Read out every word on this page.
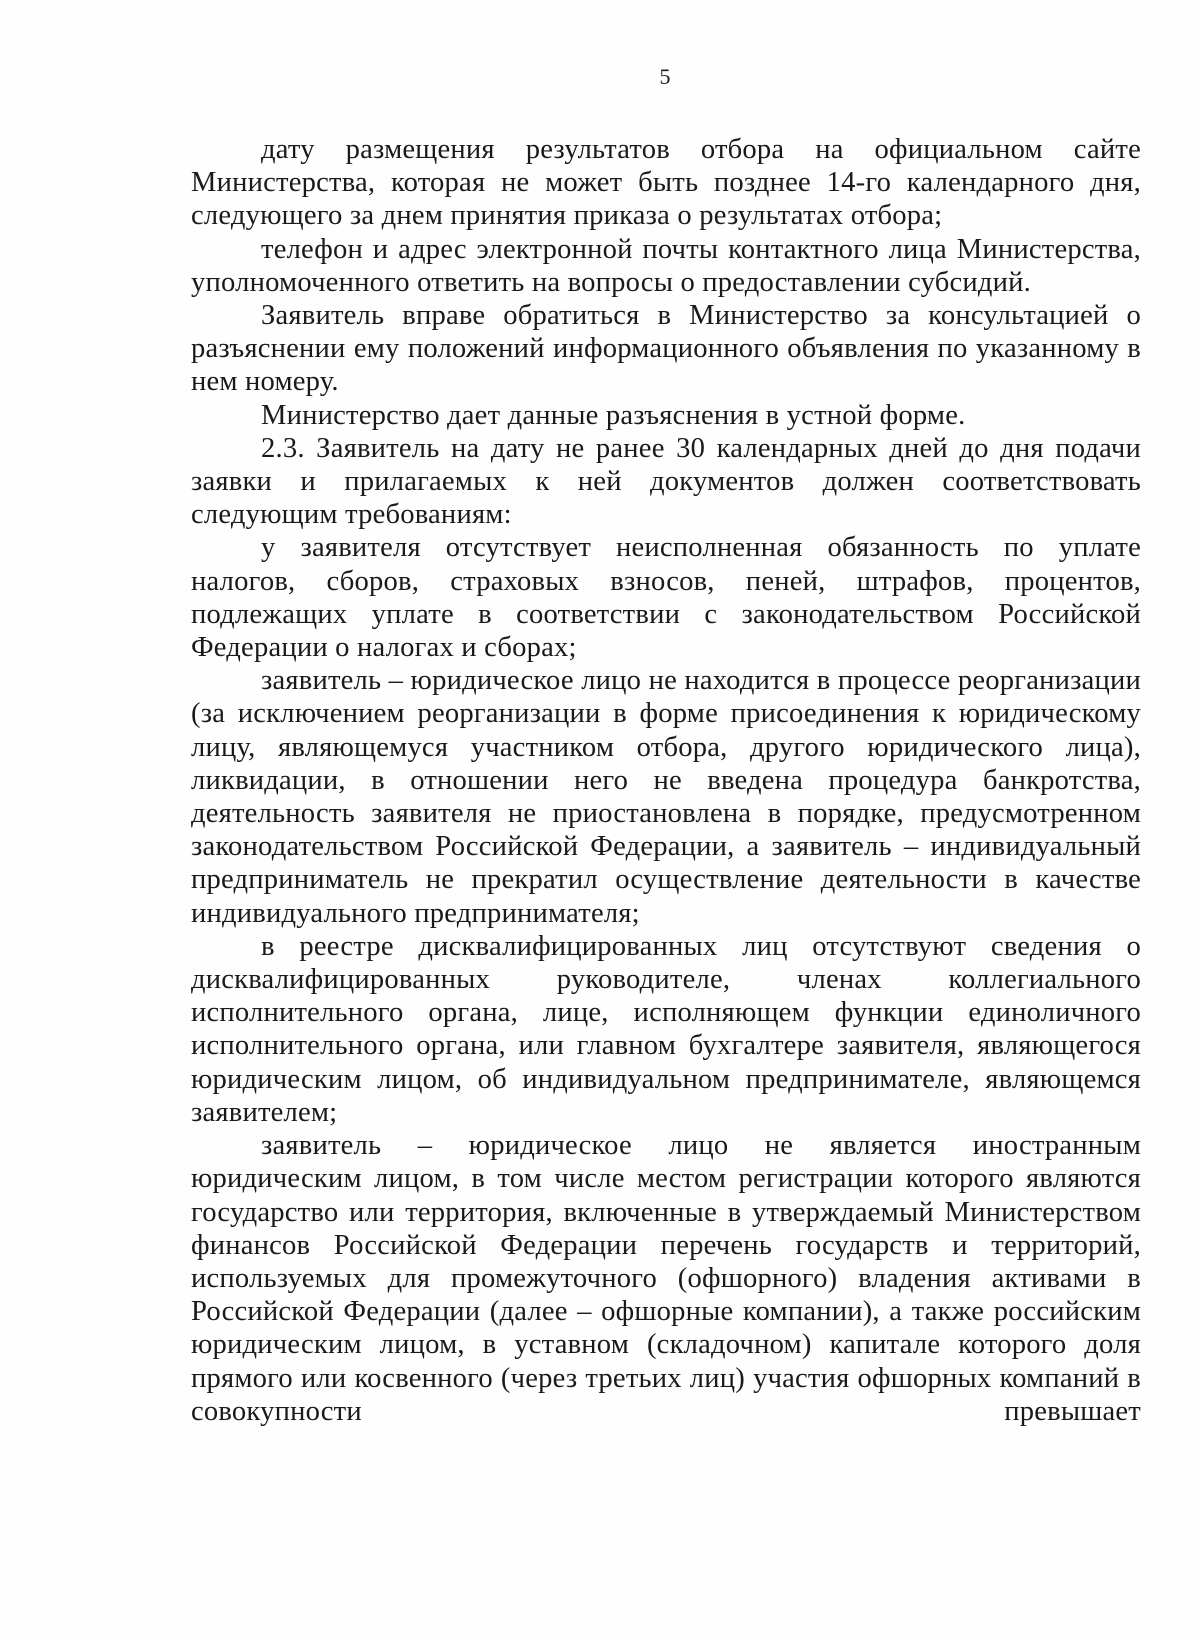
5

дату размещения результатов отбора на официальном сайте Министерства, которая не может быть позднее 14-го календарного дня, следующего за днем принятия приказа о результатах отбора;

телефон и адрес электронной почты контактного лица Министерства, уполномоченного ответить на вопросы о предоставлении субсидий.

Заявитель вправе обратиться в Министерство за консультацией о разъяснении ему положений информационного объявления по указанному в нем номеру.

Министерство дает данные разъяснения в устной форме.

2.3. Заявитель на дату не ранее 30 календарных дней до дня подачи заявки и прилагаемых к ней документов должен соответствовать следующим требованиям:

у заявителя отсутствует неисполненная обязанность по уплате налогов, сборов, страховых взносов, пеней, штрафов, процентов, подлежащих уплате в соответствии с законодательством Российской Федерации о налогах и сборах;

заявитель – юридическое лицо не находится в процессе реорганизации (за исключением реорганизации в форме присоединения к юридическому лицу, являющемуся участником отбора, другого юридического лица), ликвидации, в отношении него не введена процедура банкротства, деятельность заявителя не приостановлена в порядке, предусмотренном законодательством Российской Федерации, а заявитель – индивидуальный предприниматель не прекратил осуществление деятельности в качестве индивидуального предпринимателя;

в реестре дисквалифицированных лиц отсутствуют сведения о дисквалифицированных руководителе, членах коллегиального исполнительного органа, лице, исполняющем функции единоличного исполнительного органа, или главном бухгалтере заявителя, являющегося юридическим лицом, об индивидуальном предпринимателе, являющемся заявителем;

заявитель – юридическое лицо не является иностранным юридическим лицом, в том числе местом регистрации которого являются государство или территория, включенные в утверждаемый Министерством финансов Российской Федерации перечень государств и территорий, используемых для промежуточного (офшорного) владения активами в Российской Федерации (далее – офшорные компании), а также российским юридическим лицом, в уставном (складочном) капитале которого доля прямого или косвенного (через третьих лиц) участия офшорных компаний в совокупности превышает
